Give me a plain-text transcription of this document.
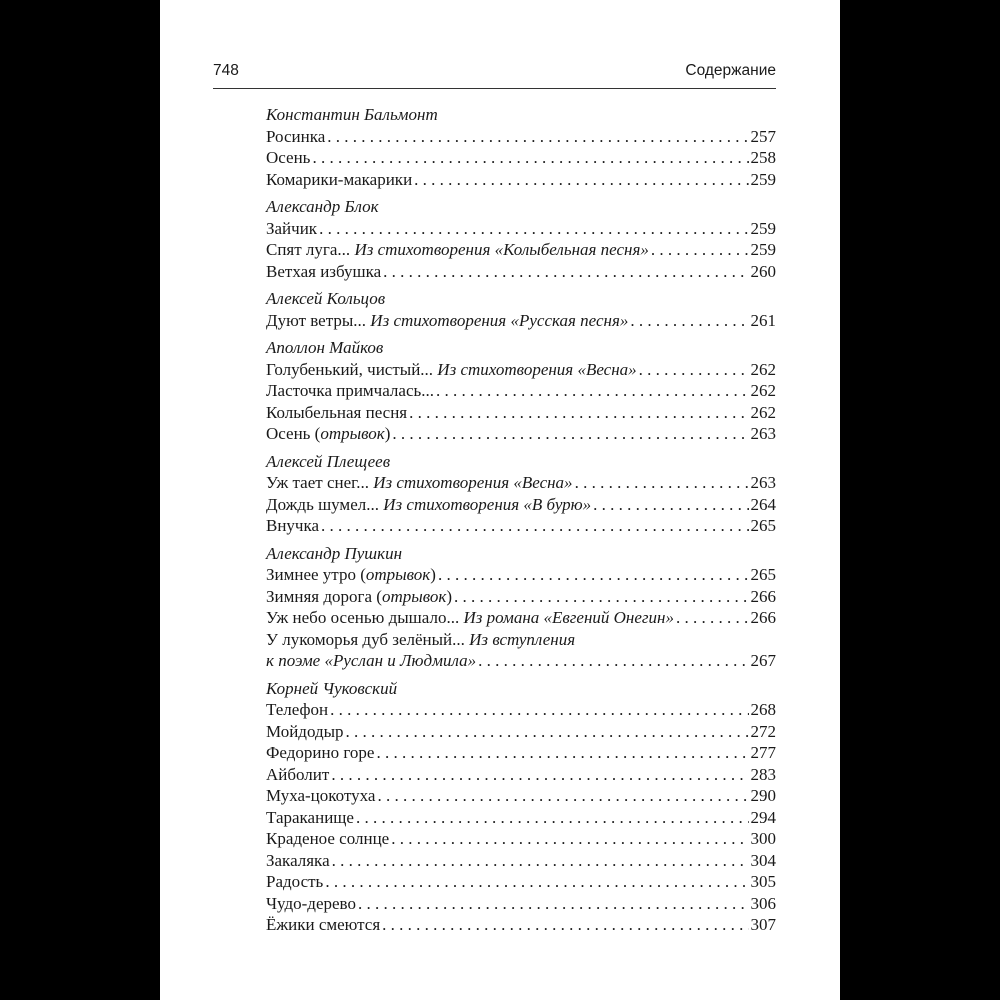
748	Содержание
Константин Бальмонт
Росинка . . .	257
Осень . . .	258
Комарики-макарики . . .	259
Александр Блок
Зайчик . . .	259
Спят луга... Из стихотворения «Колыбельная песня» . . .	259
Ветхая избушка . . .	260
Алексей Кольцов
Дуют ветры... Из стихотворения «Русская песня» . . .	261
Аполлон Майков
Голубенький, чистый... Из стихотворения «Весна» . . .	262
Ласточка примчалась... . . .	262
Колыбельная песня . . .	262
Осень (отрывок) . . .	263
Алексей Плещеев
Уж тает снег... Из стихотворения «Весна» . . .	263
Дождь шумел... Из стихотворения «В бурю» . . .	264
Внучка . . .	265
Александр Пушкин
Зимнее утро (отрывок) . . .	265
Зимняя дорога (отрывок) . . .	266
Уж небо осенью дышало... Из романа «Евгений Онегин» . . .	266
У лукоморья дуб зелёный... Из вступления
к поэме «Руслан и Людмила» . . .	267
Корней Чуковский
Телефон . . .	268
Мойдодыр . . .	272
Федорино горе . . .	277
Айболит . . .	283
Муха-цокотуха . . .	290
Тараканище . . .	294
Краденое солнце . . .	300
Закаляка . . .	304
Радость . . .	305
Чудо-дерево . . .	306
Ёжики смеются . . .	307
